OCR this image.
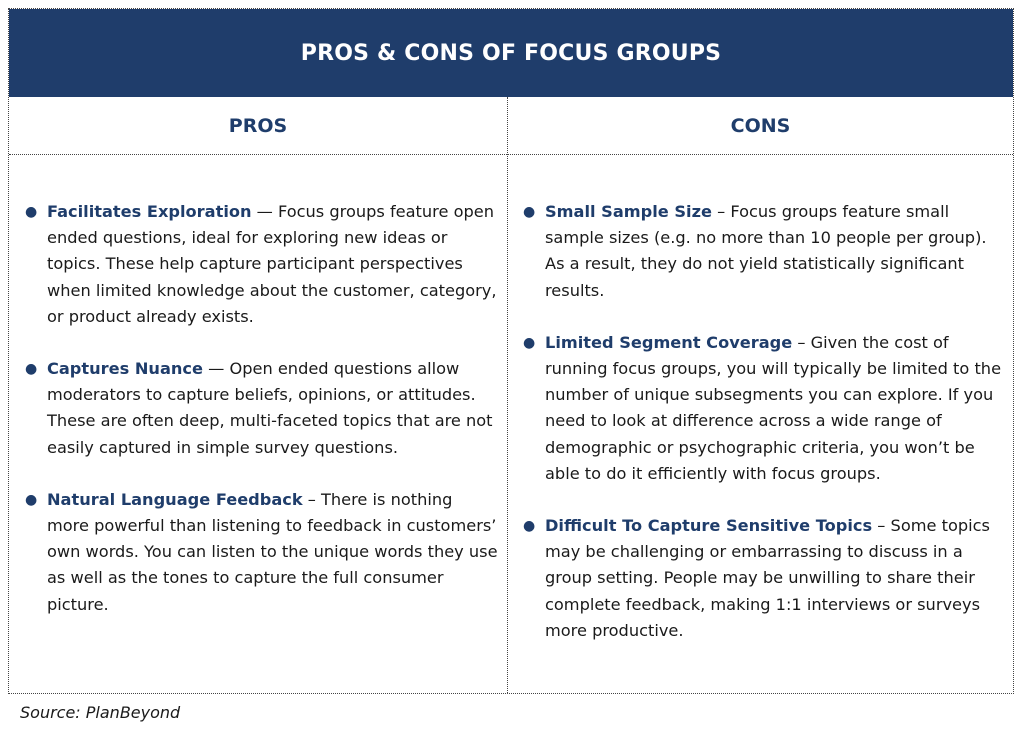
PROS & CONS OF FOCUS GROUPS
PROS	CONS
● Facilitates Exploration — Focus groups feature open ended questions, ideal for exploring new ideas or topics. These help capture participant perspectives when limited knowledge about the customer, category, or product already exists.
● Captures Nuance — Open ended questions allow moderators to capture beliefs, opinions, or attitudes. These are often deep, multi-faceted topics that are not easily captured in simple survey questions.
● Natural Language Feedback – There is nothing more powerful than listening to feedback in customers’ own words. You can listen to the unique words they use as well as the tones to capture the full consumer picture.
● Small Sample Size – Focus groups feature small sample sizes (e.g. no more than 10 people per group). As a result, they do not yield statistically significant results.
● Limited Segment Coverage – Given the cost of running focus groups, you will typically be limited to the number of unique subsegments you can explore. If you need to look at difference across a wide range of demographic or psychographic criteria, you won’t be able to do it efficiently with focus groups.
● Difficult To Capture Sensitive Topics – Some topics may be challenging or embarrassing to discuss in a group setting. People may be unwilling to share their complete feedback, making 1:1 interviews or surveys more productive.
Source: PlanBeyond
